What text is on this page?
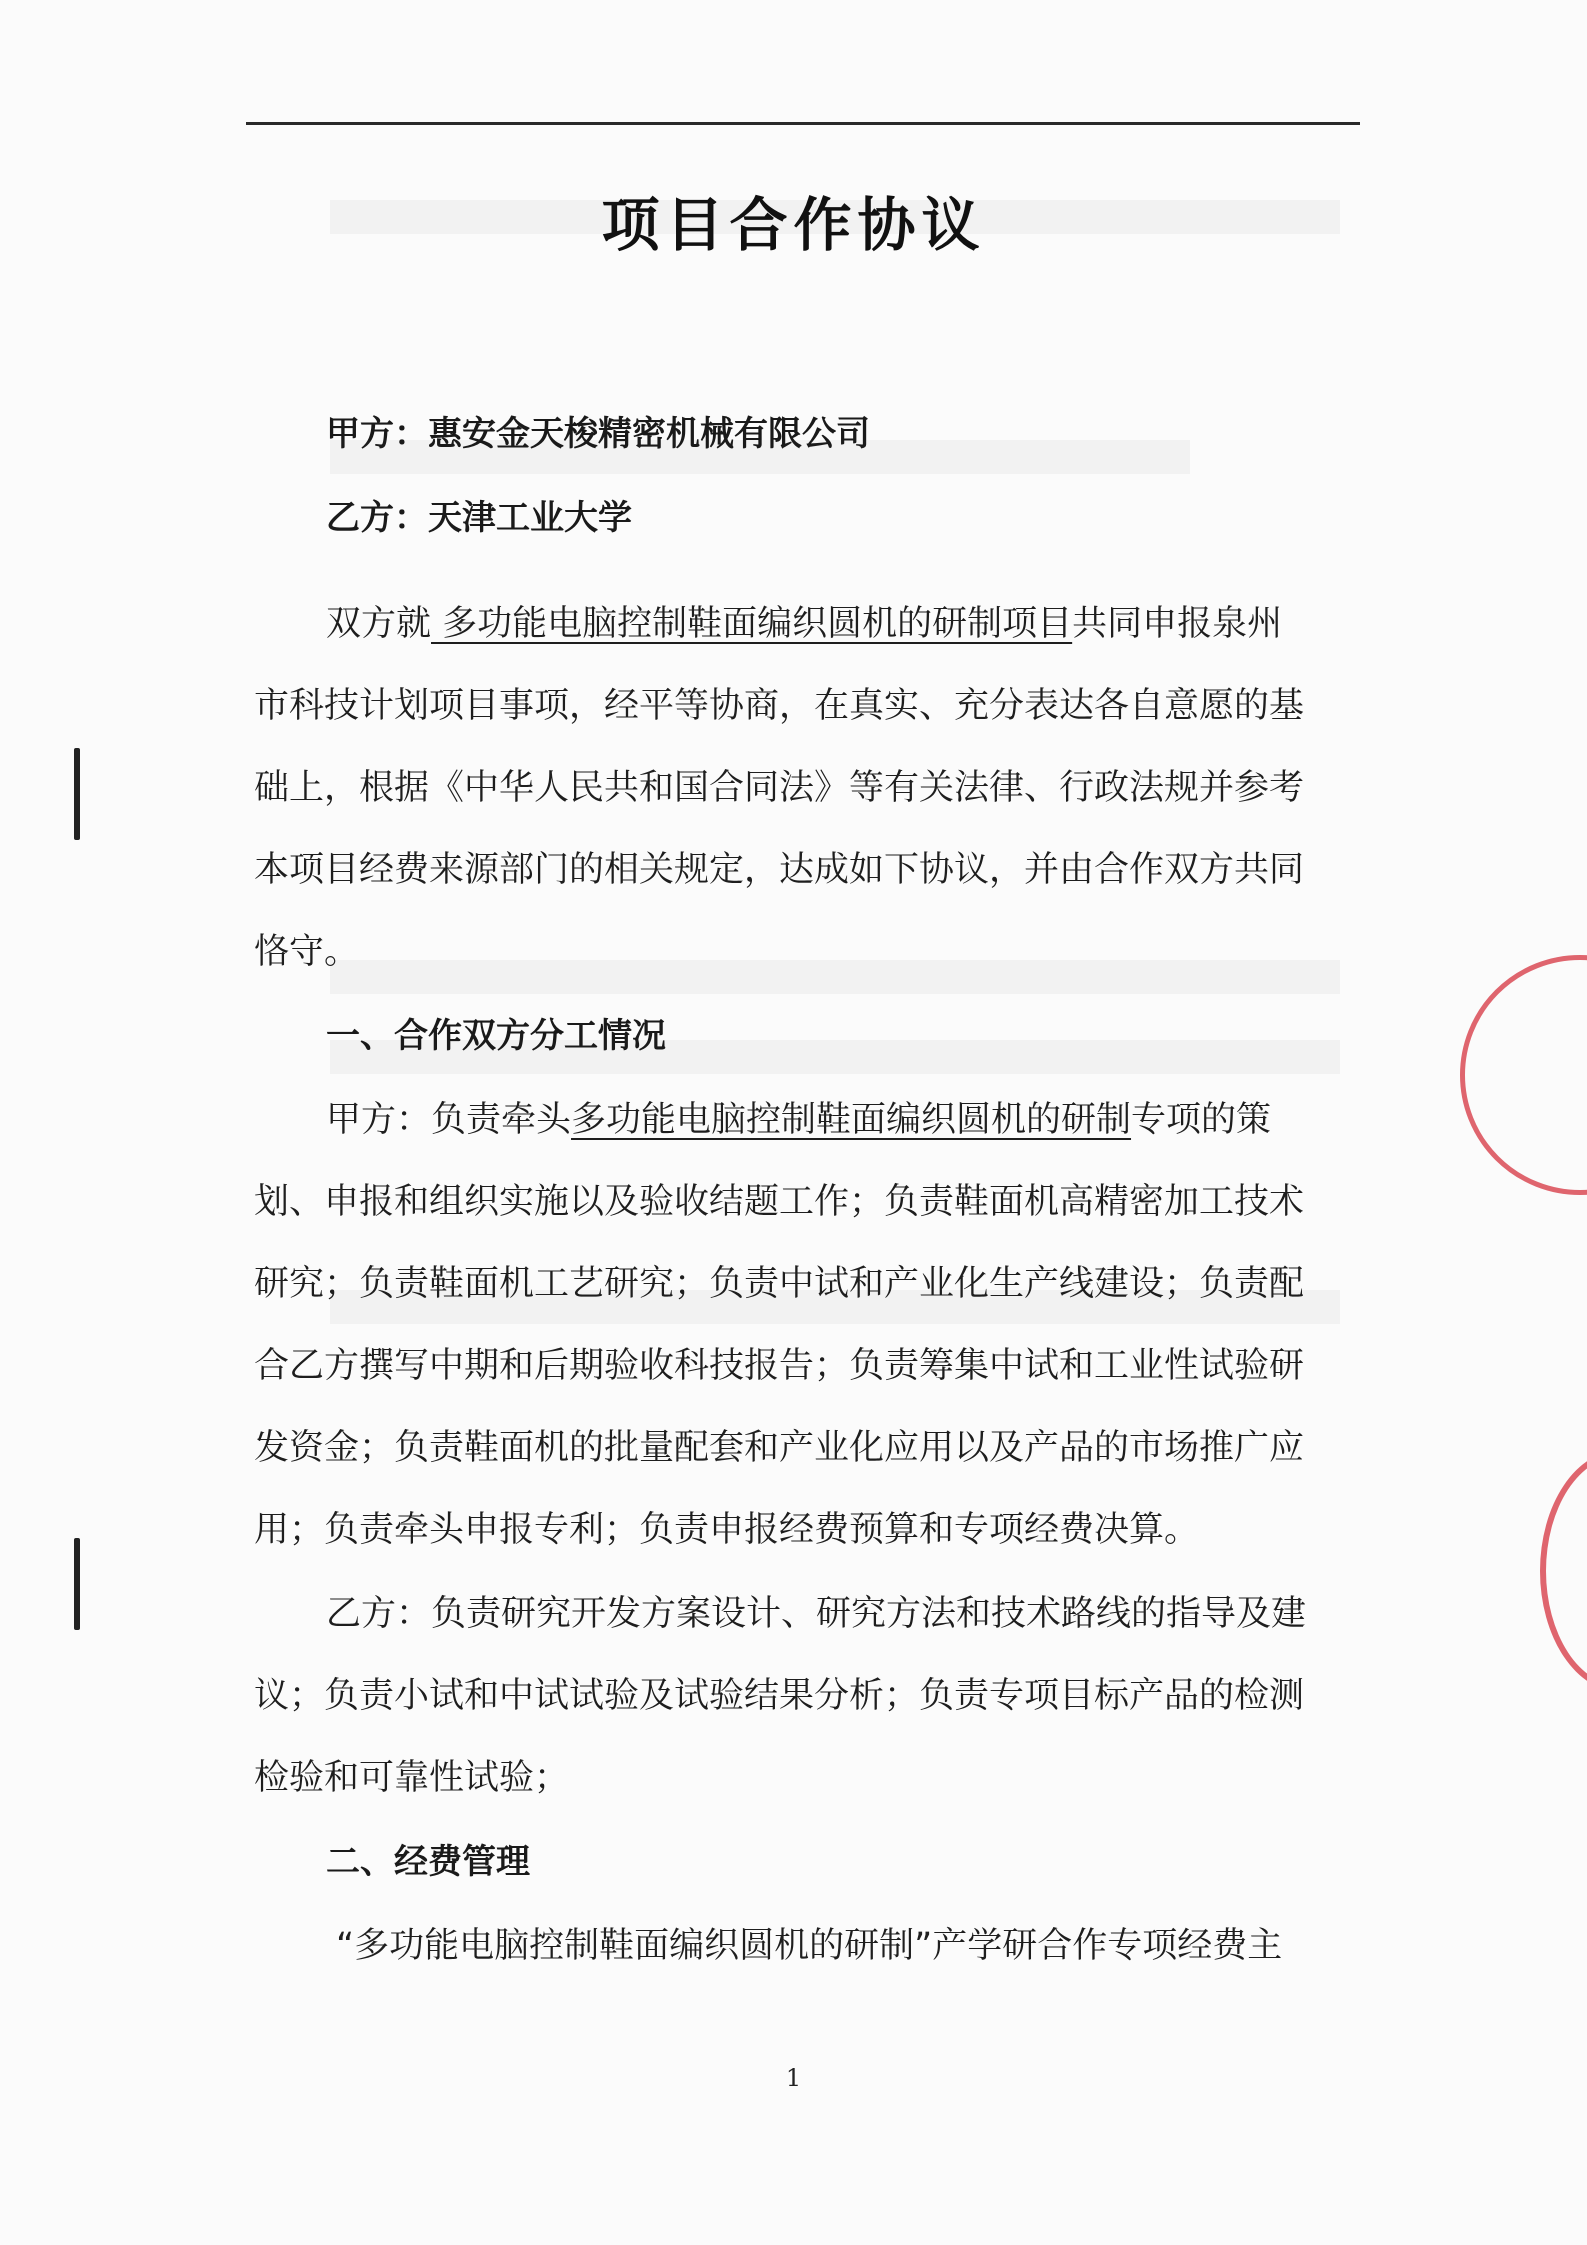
项目合作协议
甲方：惠安金天梭精密机械有限公司
乙方：天津工业大学
双方就 多功能电脑控制鞋面编织圆机的研制项目共同申报泉州
市科技计划项目事项，经平等协商，在真实、充分表达各自意愿的基
础上，根据《中华人民共和国合同法》等有关法律、行政法规并参考
本项目经费来源部门的相关规定，达成如下协议，并由合作双方共同
恪守。
一、合作双方分工情况
甲方：负责牵头多功能电脑控制鞋面编织圆机的研制专项的策
划、申报和组织实施以及验收结题工作；负责鞋面机高精密加工技术
研究；负责鞋面机工艺研究；负责中试和产业化生产线建设；负责配
合乙方撰写中期和后期验收科技报告；负责筹集中试和工业性试验研
发资金；负责鞋面机的批量配套和产业化应用以及产品的市场推广应
用；负责牵头申报专利；负责申报经费预算和专项经费决算。
乙方：负责研究开发方案设计、研究方法和技术路线的指导及建
议；负责小试和中试试验及试验结果分析；负责专项目标产品的检测
检验和可靠性试验；
二、经费管理
“多功能电脑控制鞋面编织圆机的研制”产学研合作专项经费主
1
